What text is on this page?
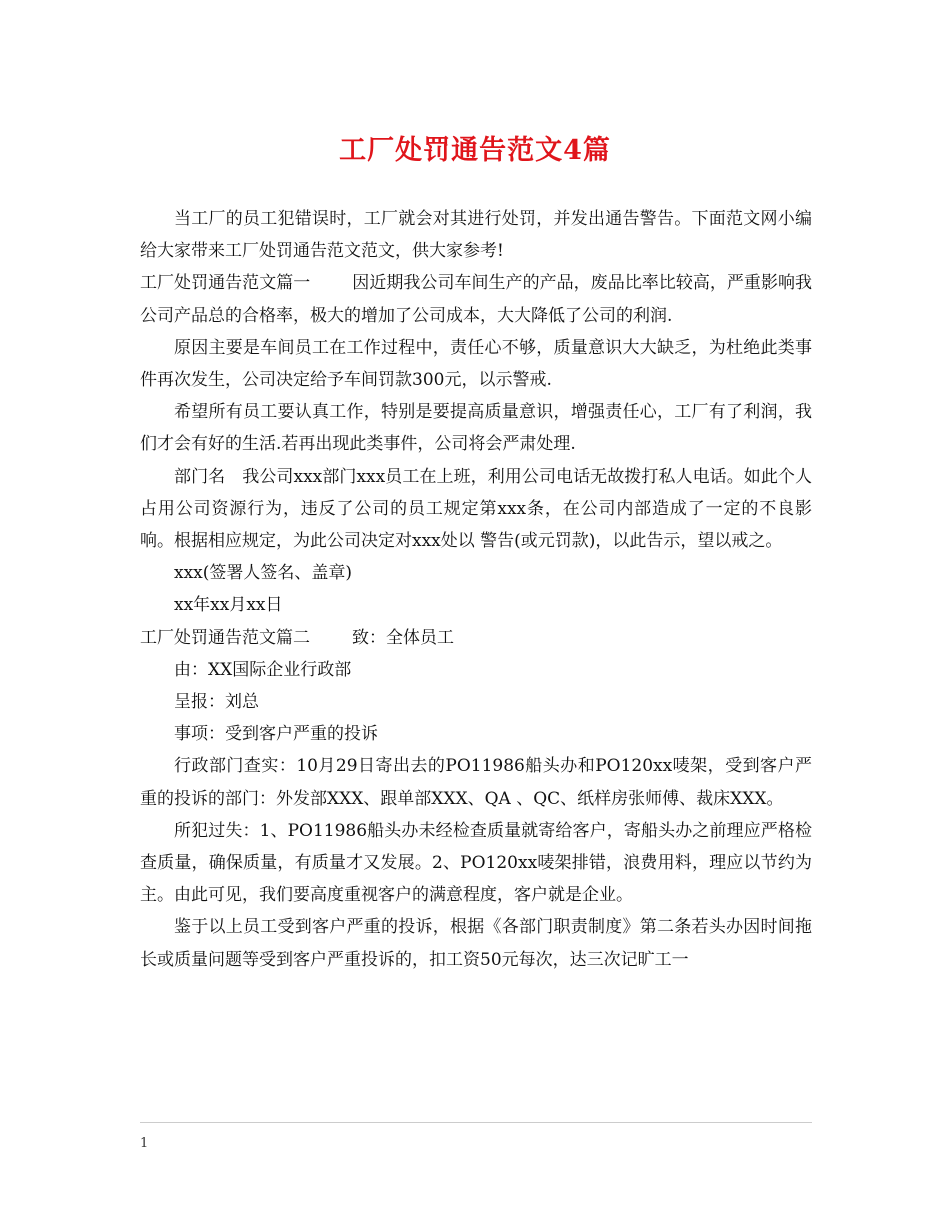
工厂处罚通告范文4篇

当工厂的员工犯错误时，工厂就会对其进行处罚，并发出通告警告。下面范文网小编给大家带来工厂处罚通告范文范文，供大家参考!

工厂处罚通告范文篇一 因近期我公司车间生产的产品，废品比率比较高，严重影响我公司产品总的合格率，极大的增加了公司成本，大大降低了公司的利润.

原因主要是车间员工在工作过程中，责任心不够，质量意识大大缺乏，为杜绝此类事件再次发生，公司决定给予车间罚款300元，以示警戒.

希望所有员工要认真工作，特别是要提高质量意识，增强责任心，工厂有了利润，我们才会有好的生活.若再出现此类事件，公司将会严肃处理.

部门名 我公司xxx部门xxx员工在上班，利用公司电话无故拨打私人电话。如此个人占用公司资源行为，违反了公司的员工规定第xxx条，在公司内部造成了一定的不良影响。根据相应规定，为此公司决定对xxx处以 警告(或元罚款)，以此告示，望以戒之。

xxx(签署人签名、盖章)

xx年xx月xx日

工厂处罚通告范文篇二 致：全体员工

由：XX国际企业行政部

呈报：刘总

事项：受到客户严重的投诉

行政部门查实：10月29日寄出去的PO11986船头办和PO120xx唛架，受到客户严重的投诉的部门：外发部XXX、跟单部XXX、QA 、QC、纸样房张师傅、裁床XXX。

所犯过失：1、PO11986船头办未经检查质量就寄给客户，寄船头办之前理应严格检查质量，确保质量，有质量才又发展。2、PO120xx唛架排错，浪费用料，理应以节约为主。由此可见，我们要高度重视客户的满意程度，客户就是企业。

鉴于以上员工受到客户严重的投诉，根据《各部门职责制度》第二条若头办因时间拖长或质量问题等受到客户严重投诉的，扣工资50元每次，达三次记旷工一

1
